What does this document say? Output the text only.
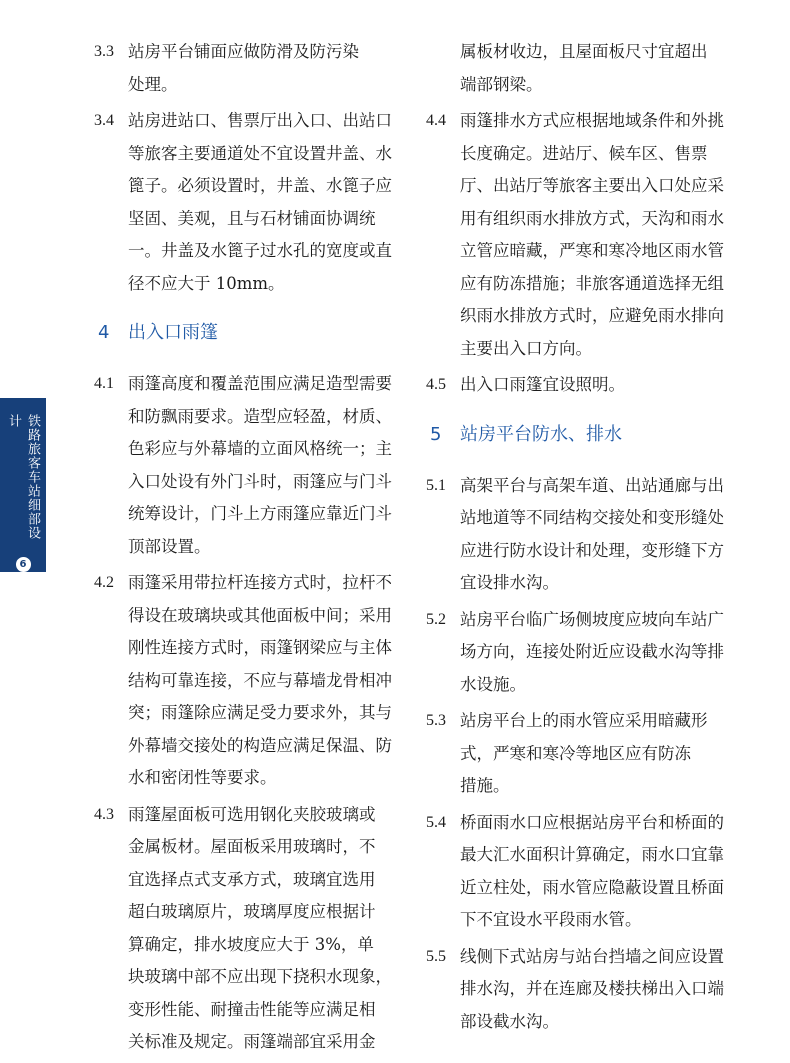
铁路旅客车站细部设计
6
3.3 站房平台铺面应做防滑及防污染
处理。
3.4 站房进站口、售票厅出入口、出站口
等旅客主要通道处不宜设置井盖、水
篦子。必须设置时，井盖、水篦子应
坚固、美观，且与石材铺面协调统
一。井盖及水篦子过水孔的宽度或直
径不应大于 10mm。
4 出入口雨篷
4.1 雨篷高度和覆盖范围应满足造型需要
和防飘雨要求。造型应轻盈，材质、
色彩应与外幕墙的立面风格统一；主
入口处设有外门斗时，雨篷应与门斗
统筹设计，门斗上方雨篷应靠近门斗
顶部设置。
4.2 雨篷采用带拉杆连接方式时，拉杆不
得设在玻璃块或其他面板中间；采用
刚性连接方式时，雨篷钢梁应与主体
结构可靠连接，不应与幕墙龙骨相冲
突；雨篷除应满足受力要求外，其与
外幕墙交接处的构造应满足保温、防
水和密闭性等要求。
4.3 雨篷屋面板可选用钢化夹胶玻璃或
金属板材。屋面板采用玻璃时，不
宜选择点式支承方式，玻璃宜选用
超白玻璃原片，玻璃厚度应根据计
算确定，排水坡度应大于 3%，单
块玻璃中部不应出现下挠积水现象，
变形性能、耐撞击性能等应满足相
关标准及规定。雨篷端部宜采用金
属板材收边，且屋面板尺寸宜超出
端部钢梁。
4.4 雨篷排水方式应根据地域条件和外挑
长度确定。进站厅、候车区、售票
厅、出站厅等旅客主要出入口处应采
用有组织雨水排放方式，天沟和雨水
立管应暗藏，严寒和寒冷地区雨水管
应有防冻措施；非旅客通道选择无组
织雨水排放方式时，应避免雨水排向
主要出入口方向。
4.5 出入口雨篷宜设照明。
5 站房平台防水、排水
5.1 高架平台与高架车道、出站通廊与出
站地道等不同结构交接处和变形缝处
应进行防水设计和处理，变形缝下方
宜设排水沟。
5.2 站房平台临广场侧坡度应坡向车站广
场方向，连接处附近应设截水沟等排
水设施。
5.3 站房平台上的雨水管应采用暗藏形
式，严寒和寒冷等地区应有防冻
措施。
5.4 桥面雨水口应根据站房平台和桥面的
最大汇水面积计算确定，雨水口宜靠
近立柱处，雨水管应隐蔽设置且桥面
下不宜设水平段雨水管。
5.5 线侧下式站房与站台挡墙之间应设置
排水沟，并在连廊及楼扶梯出入口端
部设截水沟。
